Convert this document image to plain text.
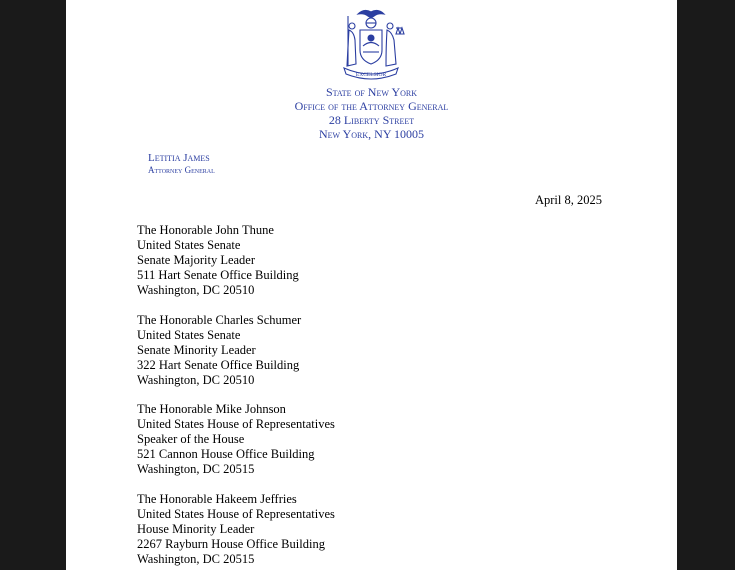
EXCELSIOR
State of New York
Office of the Attorney General
28 Liberty Street
New York, NY 10005
Letitia James
Attorney General
April 8, 2025
The Honorable John Thune
United States Senate
Senate Majority Leader
511 Hart Senate Office Building
Washington, DC 20510
The Honorable Charles Schumer
United States Senate
Senate Minority Leader
322 Hart Senate Office Building
Washington, DC 20510
The Honorable Mike Johnson
United States House of Representatives
Speaker of the House
521 Cannon House Office Building
Washington, DC 20515
The Honorable Hakeem Jeffries
United States House of Representatives
House Minority Leader
2267 Rayburn House Office Building
Washington, DC 20515
